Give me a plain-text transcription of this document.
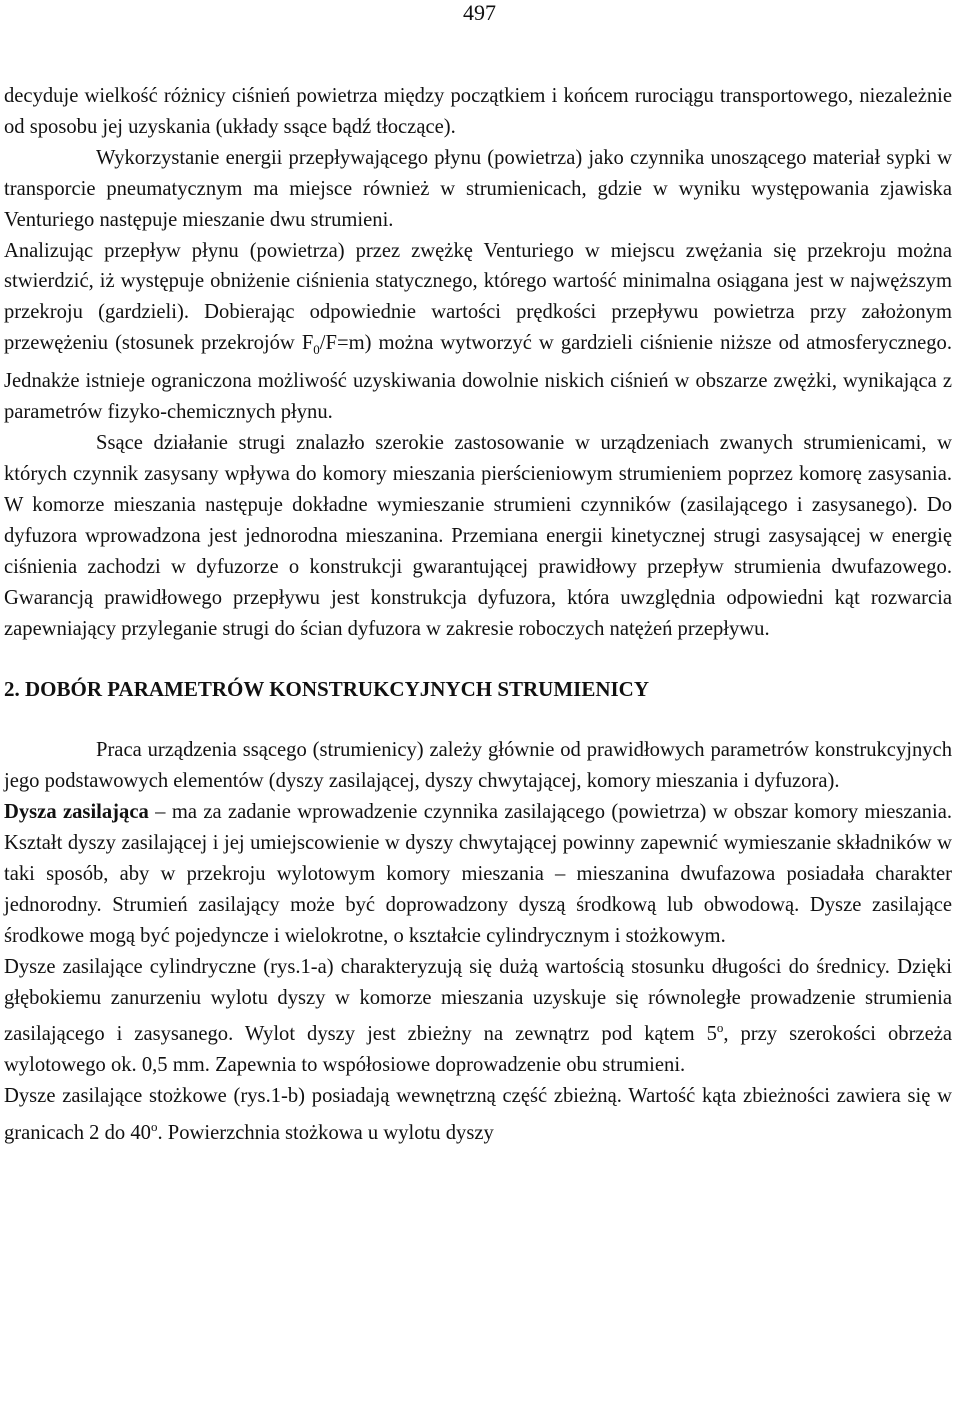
497

decyduje wielkość różnicy ciśnień powietrza między początkiem i końcem rurociągu transportowego, niezależnie od sposobu jej uzyskania (układy ssące bądź tłoczące).

Wykorzystanie energii przepływającego płynu (powietrza) jako czynnika unoszącego materiał sypki w transporcie pneumatycznym ma miejsce również w strumienicach, gdzie w wyniku występowania zjawiska Venturiego następuje mieszanie dwu strumieni.

Analizując przepływ płynu (powietrza) przez zwężkę Venturiego w miejscu zwężania się przekroju można stwierdzić, iż występuje obniżenie ciśnienia statycznego, którego wartość minimalna osiągana jest w najwęższym przekroju (gardzieli). Dobierając odpowiednie wartości prędkości przepływu powietrza przy założonym przewężeniu (stosunek przekrojów $F_0/F=m$) można wytworzyć w gardzieli ciśnienie niższe od atmosferycznego. Jednakże istnieje ograniczona możliwość uzyskiwania dowolnie niskich ciśnień w obszarze zwężki, wynikająca z parametrów fizyko-chemicznych płynu.

Ssące działanie strugi znalazło szerokie zastosowanie w urządzeniach zwanych strumienicami, w których czynnik zasysany wpływa do komory mieszania pierścieniowym strumieniem poprzez komorę zasysania. W komorze mieszania następuje dokładne wymieszanie strumieni czynników (zasilającego i zasysanego). Do dyfuzora wprowadzona jest jednorodna mieszanina. Przemiana energii kinetycznej strugi zasysającej w energię ciśnienia zachodzi w dyfuzorze o konstrukcji gwarantującej prawidłowy przepływ strumienia dwufazowego. Gwarancją prawidłowego przepływu jest konstrukcja dyfuzora, która uwzględnia odpowiedni kąt rozwarcia zapewniający przyleganie strugi do ścian dyfuzora w zakresie roboczych natężeń przepływu.

2. DOBÓR PARAMETRÓW KONSTRUKCYJNYCH STRUMIENICY

Praca urządzenia ssącego (strumienicy) zależy głównie od prawidłowych parametrów konstrukcyjnych jego podstawowych elementów (dyszy zasilającej, dyszy chwytającej, komory mieszania i dyfuzora).

Dysza zasilająca – ma za zadanie wprowadzenie czynnika zasilającego (powietrza) w obszar komory mieszania. Kształt dyszy zasilającej i jej umiejscowienie w dyszy chwytającej powinny zapewnić wymieszanie składników w taki sposób, aby w przekroju wylotowym komory mieszania – mieszanina dwufazowa posiadała charakter jednorodny. Strumień zasilający może być doprowadzony dyszą środkową lub obwodową. Dysze zasilające środkowe mogą być pojedyncze i wielokrotne, o kształcie cylindrycznym i stożkowym.

Dysze zasilające cylindryczne (rys.1-a) charakteryzują się dużą wartością stosunku długości do średnicy. Dzięki głębokiemu zanurzeniu wylotu dyszy w komorze mieszania uzyskuje się równoległe prowadzenie strumienia zasilającego i zasysanego. Wylot dyszy jest zbieżny na zewnątrz pod kątem 5$^o$, przy szerokości obrzeża wylotowego ok. 0,5 mm. Zapewnia to współosiowe doprowadzenie obu strumieni.

Dysze zasilające stożkowe (rys.1-b) posiadają wewnętrzną część zbieżną. Wartość kąta zbieżności zawiera się w granicach 2 do 40$^o$. Powierzchnia stożkowa u wylotu dyszy
